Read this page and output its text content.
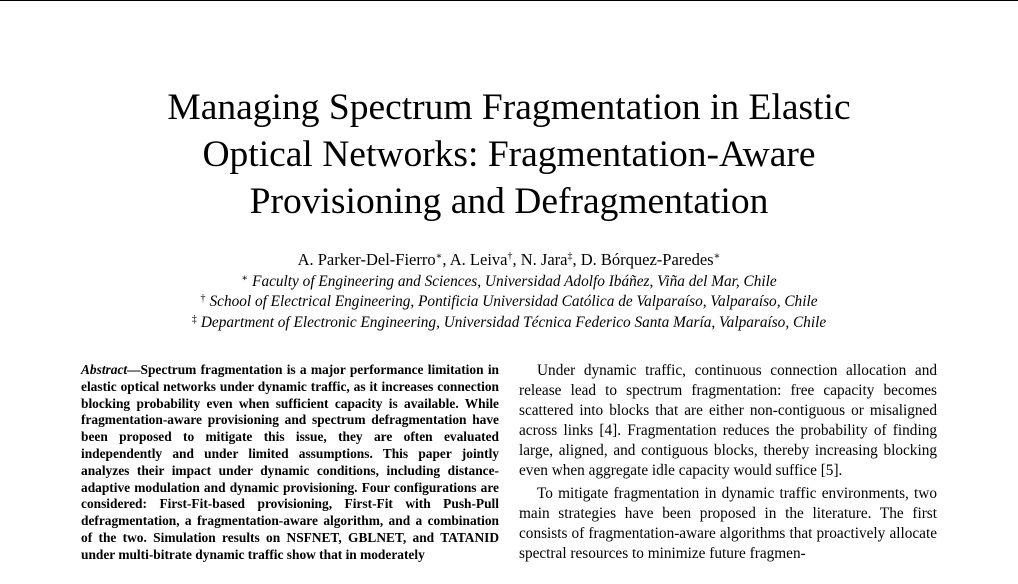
Managing Spectrum Fragmentation in Elastic
Optical Networks: Fragmentation-Aware
Provisioning and Defragmentation
A. Parker-Del-Fierro∗, A. Leiva†, N. Jara‡, D. Bórquez-Paredes∗
∗ Faculty of Engineering and Sciences, Universidad Adolfo Ibáñez, Viña del Mar, Chile
† School of Electrical Engineering, Pontificia Universidad Católica de Valparaíso, Valparaíso, Chile
‡ Department of Electronic Engineering, Universidad Técnica Federico Santa María, Valparaíso, Chile
Abstract—Spectrum fragmentation is a major performance limitation in elastic optical networks under dynamic traffic, as it increases connection blocking probability even when sufficient capacity is available. While fragmentation-aware provisioning and spectrum defragmentation have been proposed to mitigate this issue, they are often evaluated independently and under limited assumptions. This paper jointly analyzes their impact under dynamic conditions, including distance-adaptive modulation and dynamic provisioning. Four configurations are considered: First-Fit-based provisioning, First-Fit with Push-Pull defragmentation, a fragmentation-aware algorithm, and a combination of the two. Simulation results on NSFNET, GBLNET, and TATANID under multi-bitrate dynamic traffic show that in moderately

Under dynamic traffic, continuous connection allocation and release lead to spectrum fragmentation: free capacity becomes scattered into blocks that are either non-contiguous or misaligned across links [4]. Fragmentation reduces the probability of finding large, aligned, and contiguous blocks, thereby increasing blocking even when aggregate idle capacity would suffice [5].

To mitigate fragmentation in dynamic traffic environments, two main strategies have been proposed in the literature. The first consists of fragmentation-aware algorithms that proactively allocate spectral resources to minimize future fragmen-
